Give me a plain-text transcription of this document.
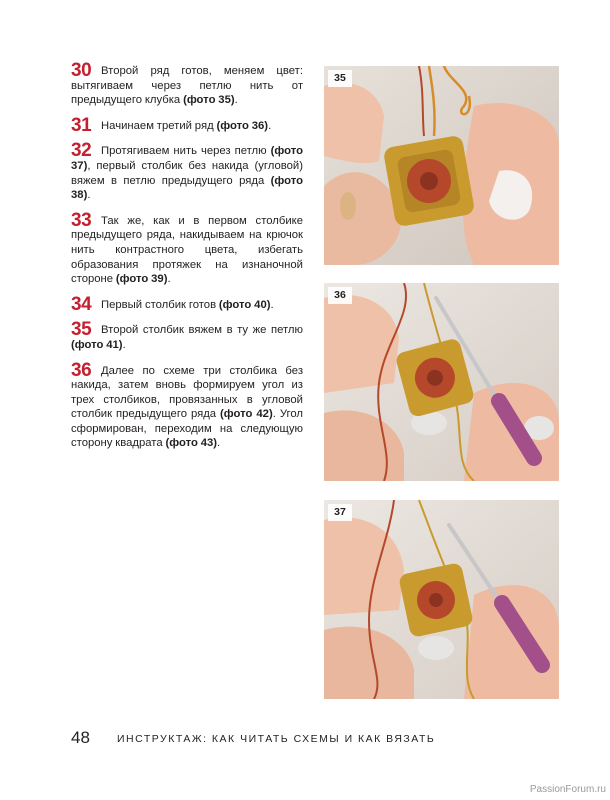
30 Второй ряд готов, меняем цвет: вытягиваем через петлю нить от предыдущего клубка (фото 35).

31 Начинаем третий ряд (фото 36).

32 Протягиваем нить через петлю (фото 37), первый столбик без накида (угловой) вяжем в петлю предыдущего ряда (фото 38).

33 Так же, как и в первом столбике предыдущего ряда, накидываем на крючок нить контрастного цвета, избегать образования протяжек на изнаночной стороне (фото 39).

34 Первый столбик готов (фото 40).

35 Второй столбик вяжем в ту же петлю (фото 41).

36 Далее по схеме три столбика без накида, затем вновь формируем угол из трех столбиков, провязанных в угловой столбик предыдущего ряда (фото 42). Угол сформирован, переходим на следующую сторону квадрата (фото 43).

35
36
37
48	ИНСТРУКТАЖ: КАК ЧИТАТЬ СХЕМЫ И КАК ВЯЗАТЬ
PassionForum.ru
